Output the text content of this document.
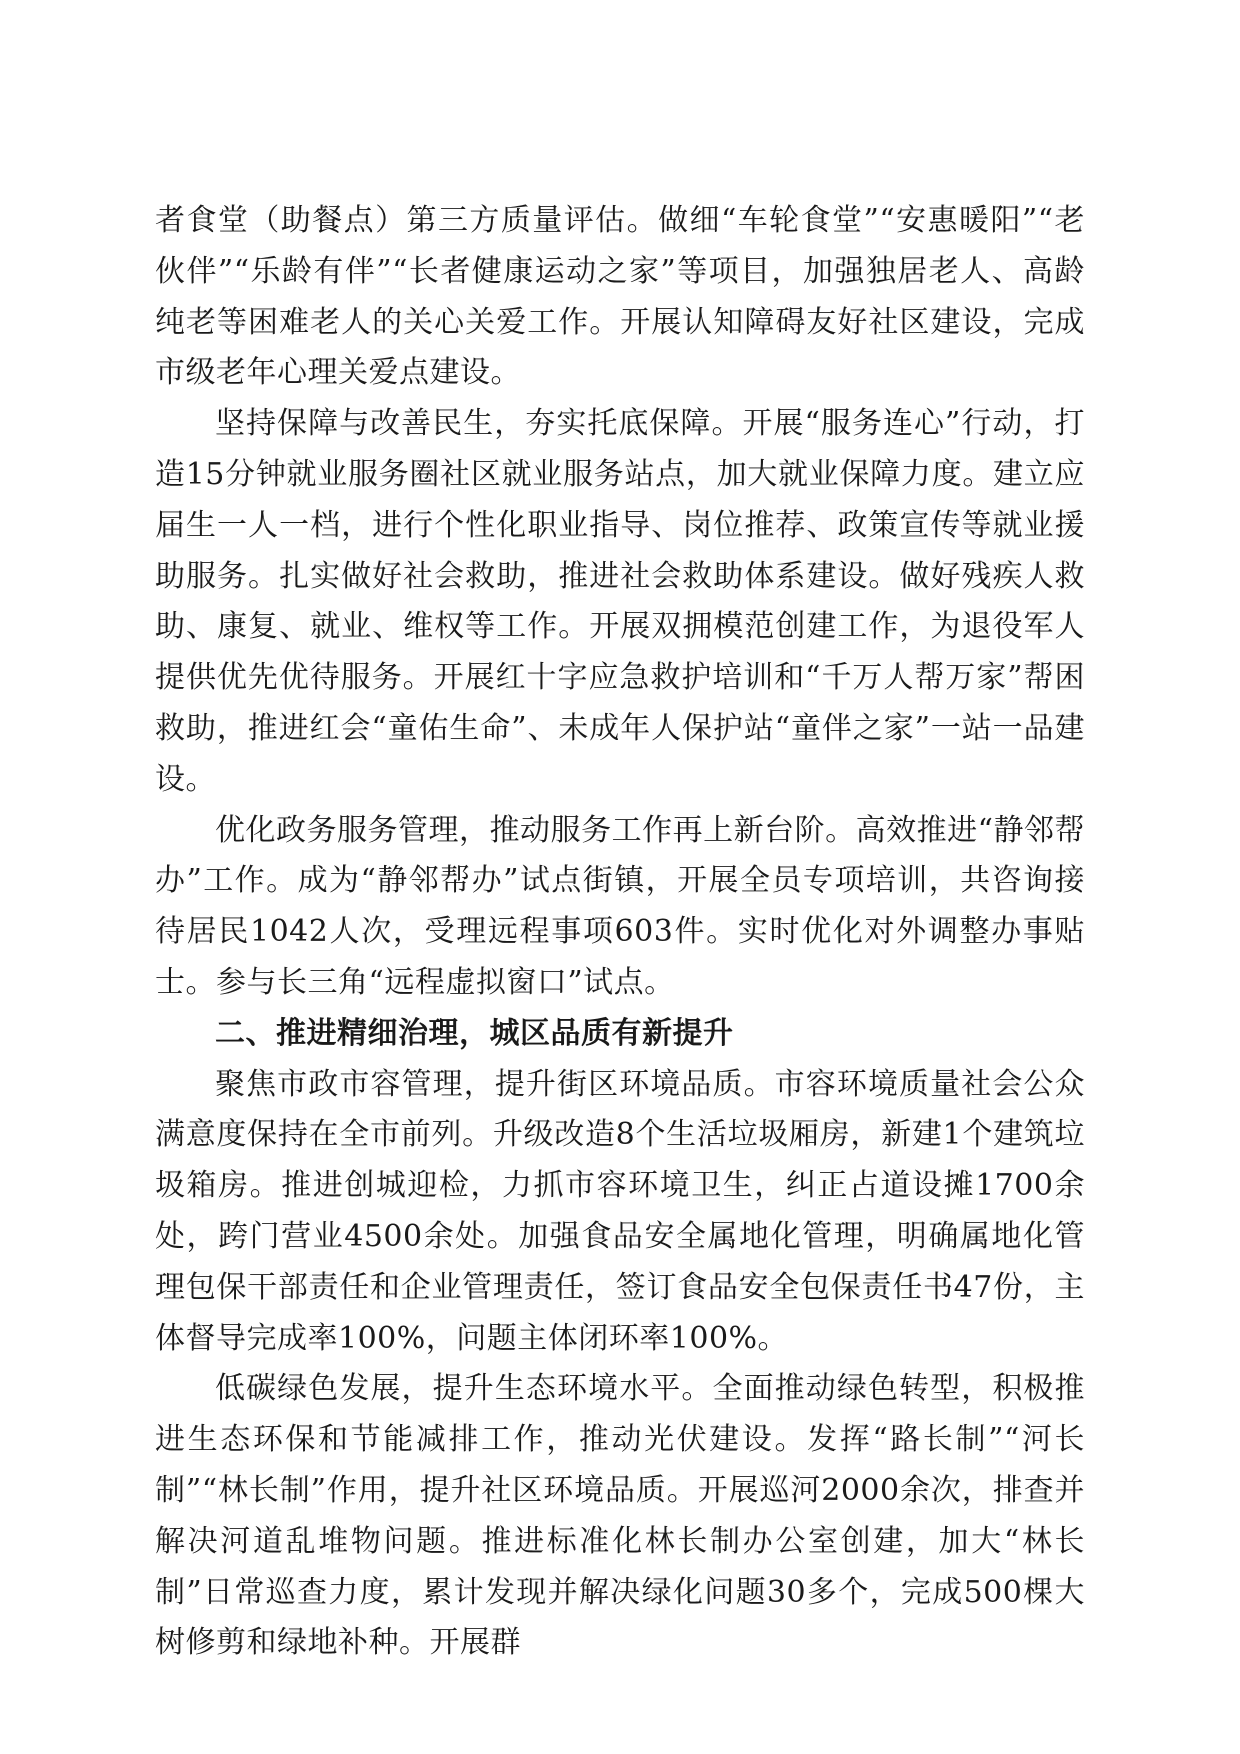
者食堂（助餐点）第三方质量评估。做细“车轮食堂”“安惠暖阳”“老伙伴”“乐龄有伴”“长者健康运动之家”等项目，加强独居老人、高龄纯老等困难老人的关心关爱工作。开展认知障碍友好社区建设，完成市级老年心理关爱点建设。

坚持保障与改善民生，夯实托底保障。开展“服务连心”行动，打造15分钟就业服务圈社区就业服务站点，加大就业保障力度。建立应届生一人一档，进行个性化职业指导、岗位推荐、政策宣传等就业援助服务。扎实做好社会救助，推进社会救助体系建设。做好残疾人救助、康复、就业、维权等工作。开展双拥模范创建工作，为退役军人提供优先优待服务。开展红十字应急救护培训和“千万人帮万家”帮困救助，推进红会“童佑生命”、未成年人保护站“童伴之家”一站一品建设。

优化政务服务管理，推动服务工作再上新台阶。高效推进“静邻帮办”工作。成为“静邻帮办”试点街镇，开展全员专项培训，共咨询接待居民1042人次，受理远程事项603件。实时优化对外调整办事贴士。参与长三角“远程虚拟窗口”试点。

二、推进精细治理，城区品质有新提升

聚焦市政市容管理，提升街区环境品质。市容环境质量社会公众满意度保持在全市前列。升级改造8个生活垃圾厢房，新建1个建筑垃圾箱房。推进创城迎检，力抓市容环境卫生，纠正占道设摊1700余处，跨门营业4500余处。加强食品安全属地化管理，明确属地化管理包保干部责任和企业管理责任，签订食品安全包保责任书47份，主体督导完成率100%，问题主体闭环率100%。

低碳绿色发展，提升生态环境水平。全面推动绿色转型，积极推进生态环保和节能减排工作，推动光伏建设。发挥“路长制”“河长制”“林长制”作用，提升社区环境品质。开展巡河2000余次，排查并解决河道乱堆物问题。推进标准化林长制办公室创建，加大“林长制”日常巡查力度，累计发现并解决绿化问题30多个，完成500棵大树修剪和绿地补种。开展群
